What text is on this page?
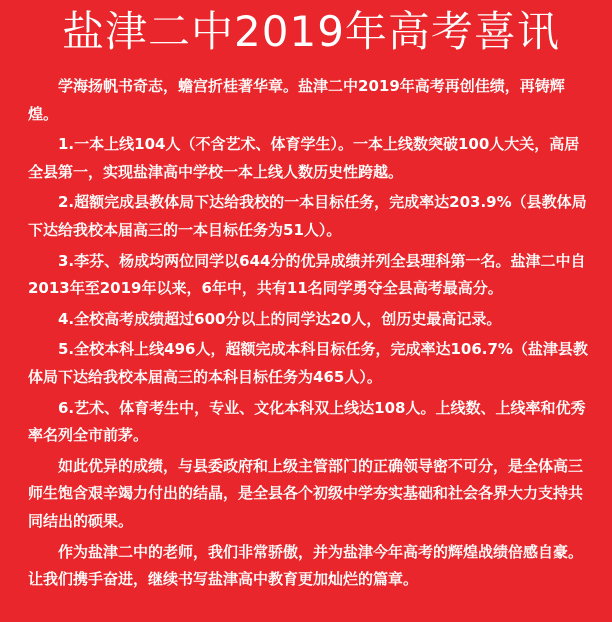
盐津二中2019年高考喜讯

学海扬帆书奇志，蟾宫折桂著华章。盐津二中2019年高考再创佳绩，再铸辉煌。

1.一本上线104人（不含艺术、体育学生）。一本上线数突破100人大关，高居全县第一，实现盐津高中学校一本上线人数历史性跨越。

2.超额完成县教体局下达给我校的一本目标任务，完成率达203.9%（县教体局下达给我校本届高三的一本目标任务为51人）。

3.李芬、杨成均两位同学以644分的优异成绩并列全县理科第一名。盐津二中自2013年至2019年以来，6年中，共有11名同学勇夺全县高考最高分。

4.全校高考成绩超过600分以上的同学达20人，创历史最高记录。

5.全校本科上线496人，超额完成本科目标任务，完成率达106.7%（盐津县教体局下达给我校本届高三的本科目标任务为465人）。

6.艺术、体育考生中，专业、文化本科双上线达108人。上线数、上线率和优秀率名列全市前茅。

如此优异的成绩，与县委政府和上级主管部门的正确领导密不可分，是全体高三师生饱含艰辛竭力付出的结晶，是全县各个初级中学夯实基础和社会各界大力支持共同结出的硕果。

作为盐津二中的老师，我们非常骄傲，并为盐津今年高考的辉煌战绩倍感自豪。让我们携手奋进，继续书写盐津高中教育更加灿烂的篇章。
